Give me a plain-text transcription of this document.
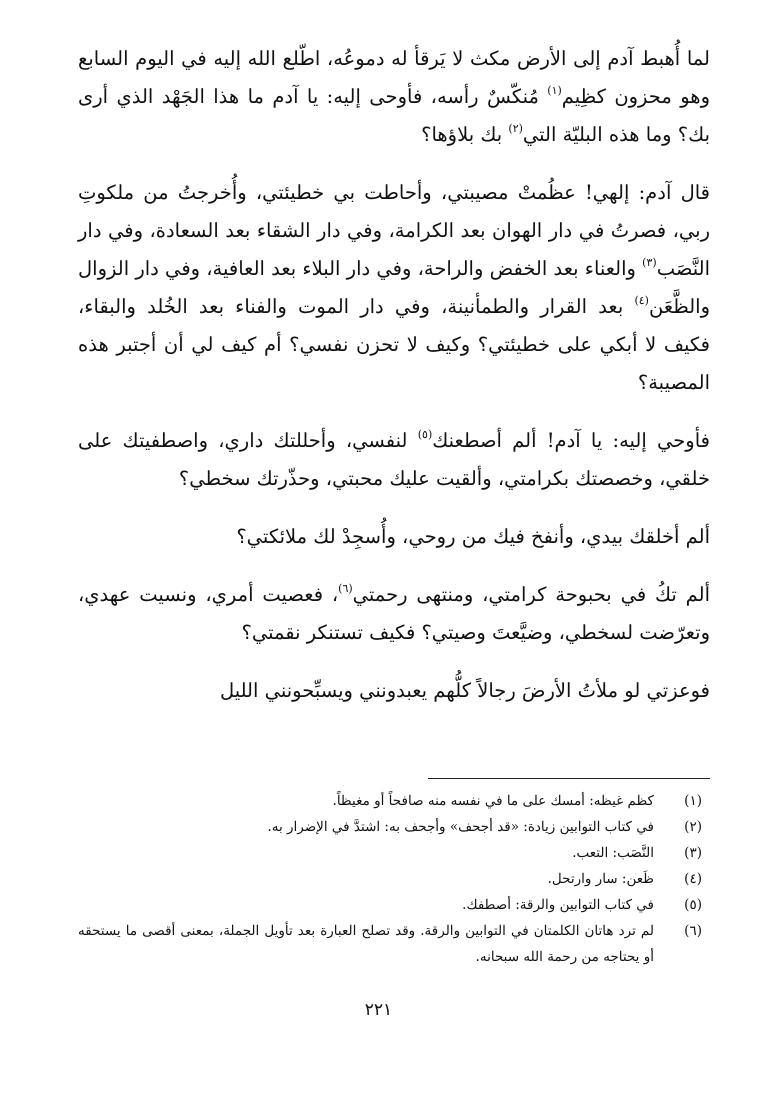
لما أُهبط آدم إلى الأرض مكث لا يَرقأ له دموعُه، اطّلع الله إليه في اليوم السابع وهو محزون كظِيم$^{(١)}$ مُنكّسٌ رأسه، فأوحى إليه: يا آدم ما هذا الجَهْد الذي أرى بك؟ وما هذه البليّة التي$^{(٢)}$ بك بلاؤها؟

قال آدم: إلهي! عظُمتْ مصيبتي، وأحاطت بي خطيئتي، وأُخرجتُ من ملكوتِ ربي، فصرتُ في دار الهوان بعد الكرامة، وفي دار الشقاء بعد السعادة، وفي دار النَّصَب$^{(٣)}$ والعناء بعد الخفض والراحة، وفي دار البلاء بعد العافية، وفي دار الزوال والظَّعَن$^{(٤)}$ بعد القرار والطمأنينة، وفي دار الموت والفناء بعد الخُلد والبقاء، فكيف لا أبكي على خطيئتي؟ وكيف لا تحزن نفسي؟ أم كيف لي أن أجتبر هذه المصيبة؟

فأوحي إليه: يا آدم! ألم أصطعنك$^{(٥)}$ لنفسي، وأحللتك داري، واصطفيتك على خلقي، وخصصتك بكرامتي، وألقيت عليك محبتي، وحذّرتك سخطي؟

ألم أخلقك بيدي، وأنفخ فيك من روحي، وأُسجِدْ لك ملائكتي؟

ألم تكُ في بحبوحة كرامتي، ومنتهى رحمتي$^{(٦)}$، فعصيت أمري، ونسيت عهدي، وتعرّضت لسخطي، وضيَّعتَ وصيتي؟ فكيف تستنكر نقمتي؟

فوعزتي لو ملأتُ الأرضَ رجالاً كلُّهم يعبدونني ويسبِّحونني الليل

(١)
كظم غيظه: أمسك على ما في نفسه منه صافحاً أو مغيظاً.
(٢)
في كتاب التوابين زيادة: «قد أجحف» وأجحف به: اشتدَّ في الإضرار به.
(٣)
النَّصَب: التعب.
(٤)
ظَعن: سار وارتحل.
(٥)
في كتاب التوابين والرقة: أصطفك.
(٦)
لم ترد هاتان الكلمتان في التوابين والرقة. وقد تصلح العبارة بعد تأويل الجملة، بمعنى أقصى ما يستحقه أو يحتاجه من رحمة الله سبحانه.
٢٢١
